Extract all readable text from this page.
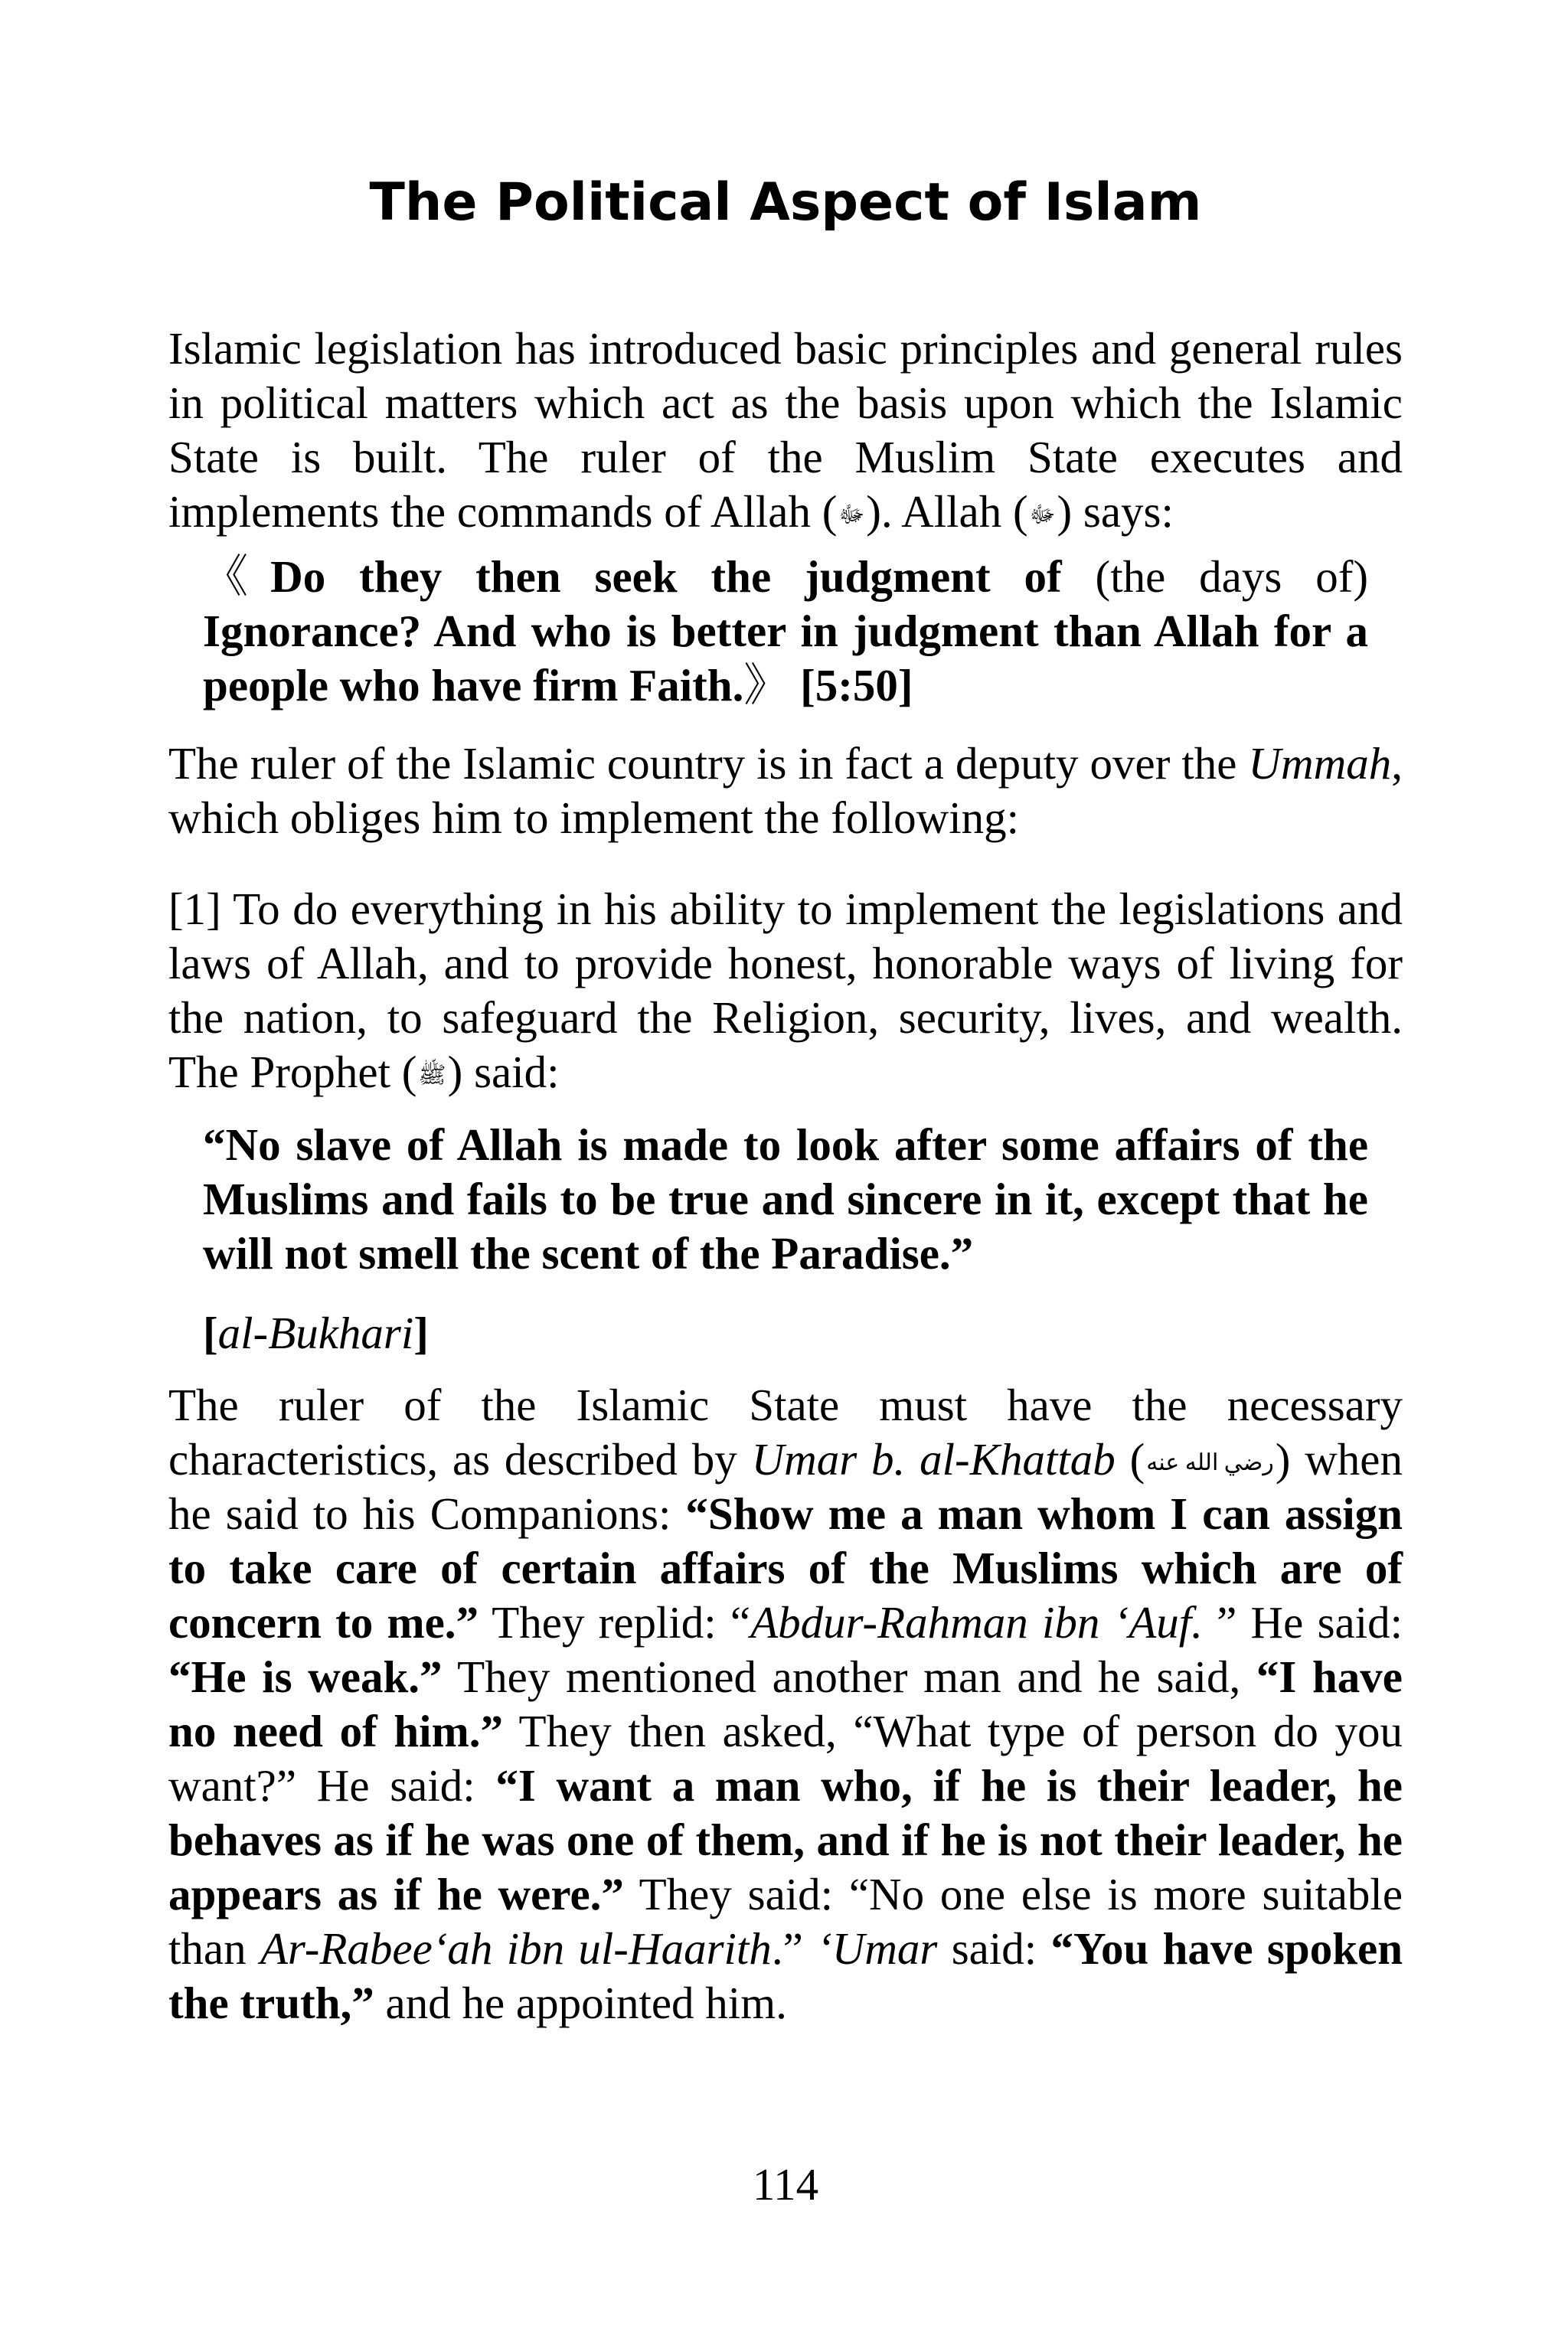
The Political Aspect of Islam

Islamic legislation has introduced basic principles and general rules in political matters which act as the basis upon which the Islamic State is built. The ruler of the Muslim State executes and implements the commands of Allah (ﷻ). Allah (ﷻ) says:

《Do they then seek the judgment of (the days of) Ignorance? And who is better in judgment than Allah for a people who have firm Faith.》 [5:50]

The ruler of the Islamic country is in fact a deputy over the Ummah, which obliges him to implement the following:

[1] To do everything in his ability to implement the legislations and laws of Allah, and to provide honest, honorable ways of living for the nation, to safeguard the Religion, security, lives, and wealth. The Prophet (ﷺ) said:

“No slave of Allah is made to look after some affairs of the Muslims and fails to be true and sincere in it, except that he will not smell the scent of the Paradise.”

[al-Bukhari]

The ruler of the Islamic State must have the necessary characteristics, as described by Umar b. al-Khattab (رضي الله عنه) when he said to his Companions: “Show me a man whom I can assign to take care of certain affairs of the Muslims which are of concern to me.” They replid: “Abdur-Rahman ibn ‘Auf. ” He said: “He is weak.” They mentioned another man and he said, “I have no need of him.” They then asked, “What type of person do you want?” He said: “I want a man who, if he is their leader, he behaves as if he was one of them, and if he is not their leader, he appears as if he were.” They said: “No one else is more suitable than Ar-Rabee‘ah ibn ul-Haarith.” ‘Umar said: “You have spoken the truth,” and he appointed him.

114
